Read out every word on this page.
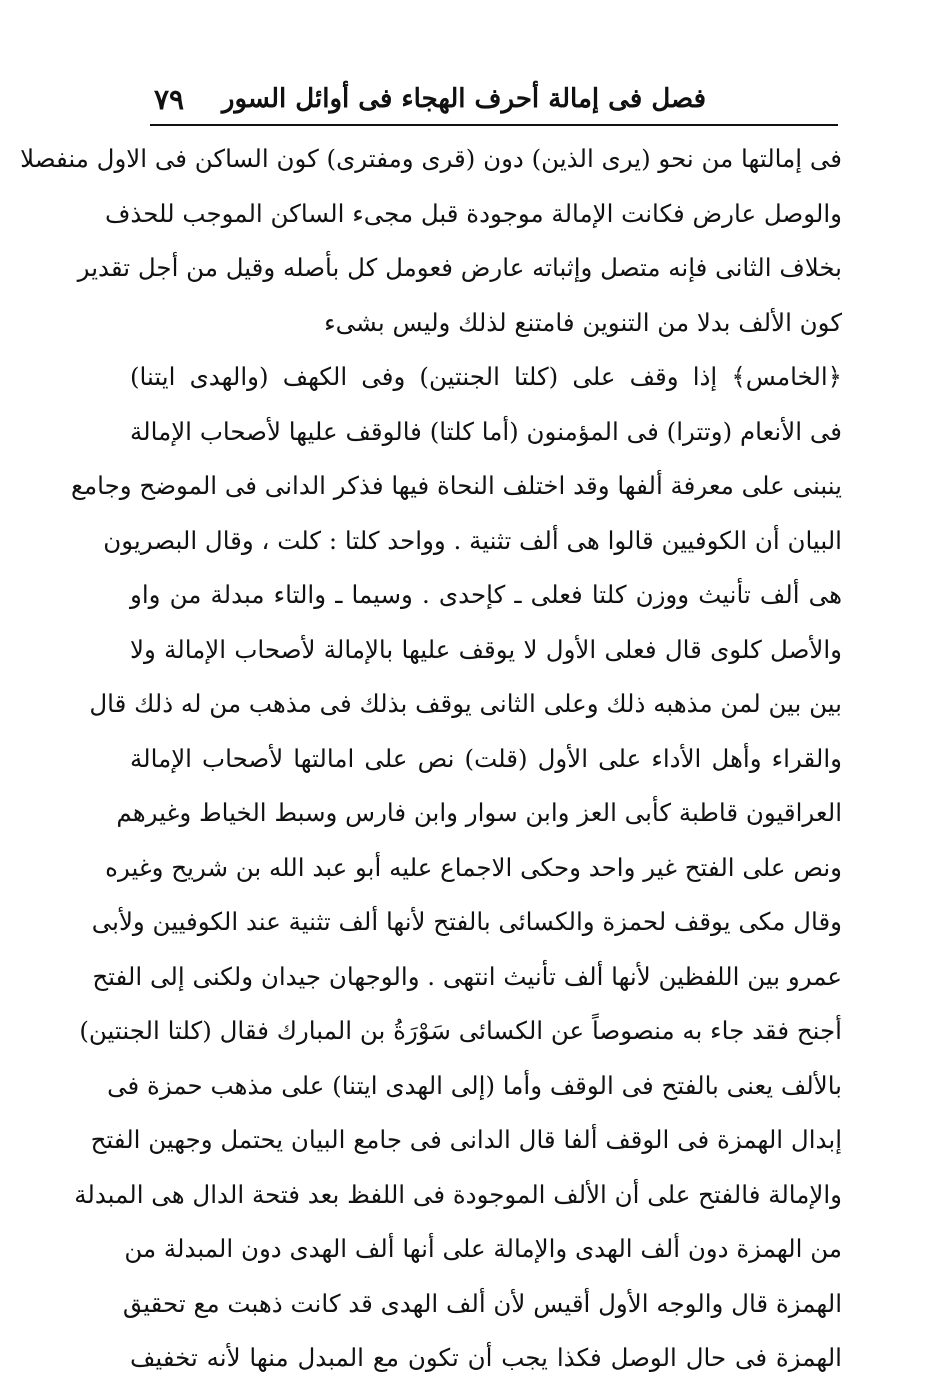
فصل فى إمالة أحرف الهجاء فى أوائل السور
٧٩
فى إمالتها من نحو (يرى الذين) دون (قرى ومفترى) كون الساكن فى الاول منفصلا
والوصل عارض فكانت الإمالة موجودة قبل مجىء الساكن الموجب للحذف
بخلاف الثانى فإنه متصل وإثباته عارض فعومل كل بأصله وقيل من أجل تقدير
كون الألف بدلا من التنوين فامتنع لذلك وليس بشىء
﴿الخامس﴾ إذا وقف على (كلتا الجنتين) وفى الكهف (والهدى ايتنا)
فى الأنعام (وتترا) فى المؤمنون (أما كلتا) فالوقف عليها لأصحاب الإمالة
ينبنى على معرفة ألفها وقد اختلف النحاة فيها فذكر الدانى فى الموضح وجامع
البيان أن الكوفيين قالوا هى ألف تثنية . وواحد كلتا : كلت ، وقال البصريون
هى ألف تأنيث ووزن كلتا فعلى ـ كإحدى . وسيما ـ والتاء مبدلة من واو
والأصل كلوى قال فعلى الأول لا يوقف عليها بالإمالة لأصحاب الإمالة ولا
بين بين لمن مذهبه ذلك وعلى الثانى يوقف بذلك فى مذهب من له ذلك قال
والقراء وأهل الأداء على الأول (قلت) نص على امالتها لأصحاب الإمالة
العراقيون قاطبة كأبى العز وابن سوار وابن فارس وسبط الخياط وغيرهم
ونص على الفتح غير واحد وحكى الاجماع عليه أبو عبد الله بن شريح وغيره
وقال مكى يوقف لحمزة والكسائى بالفتح لأنها ألف تثنية عند الكوفيين ولأبى
عمرو بين اللفظين لأنها ألف تأنيث انتهى . والوجهان جيدان ولكنى إلى الفتح
أجنح فقد جاء به منصوصاً عن الكسائى سَوْرَةُ بن المبارك فقال (كلتا الجنتين)
بالألف يعنى بالفتح فى الوقف وأما (إلى الهدى ايتنا) على مذهب حمزة فى
إبدال الهمزة فى الوقف ألفا قال الدانى فى جامع البيان يحتمل وجهين الفتح
والإمالة فالفتح على أن الألف الموجودة فى اللفظ بعد فتحة الدال هى المبدلة
من الهمزة دون ألف الهدى والإمالة على أنها ألف الهدى دون المبدلة من
الهمزة قال والوجه الأول أقيس لأن ألف الهدى قد كانت ذهبت مع تحقيق
الهمزة فى حال الوصل فكذا يجب أن تكون مع المبدل منها لأنه تخفيف
